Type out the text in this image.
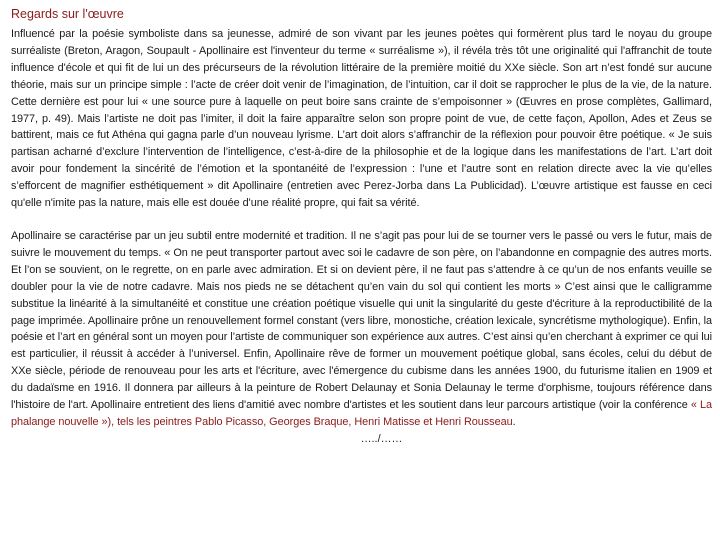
Regards sur l'œuvre

Influencé par la poésie symboliste dans sa jeunesse, admiré de son vivant par les jeunes poètes qui formèrent plus tard le noyau du groupe surréaliste (Breton, Aragon, Soupault - Apollinaire est l'inventeur du terme « surréalisme »), il révéla très tôt une originalité qui l'affranchit de toute influence d'école et qui fit de lui un des précurseurs de la révolution littéraire de la première moitié du XXe siècle. Son art n’est fondé sur aucune théorie, mais sur un principe simple : l’acte de créer doit venir de l’imagination, de l’intuition, car il doit se rapprocher le plus de la vie, de la nature. Cette dernière est pour lui « une source pure à laquelle on peut boire sans crainte de s’empoisonner » (Œuvres en prose complètes, Gallimard, 1977, p. 49). Mais l’artiste ne doit pas l’imiter, il doit la faire apparaître selon son propre point de vue, de cette façon, Apollon, Ades et Zeus se battirent, mais ce fut Athéna qui gagna parle d’un nouveau lyrisme. L’art doit alors s’affranchir de la réflexion pour pouvoir être poétique. « Je suis partisan acharné d’exclure l’intervention de l’intelligence, c’est-à-dire de la philosophie et de la logique dans les manifestations de l’art. L’art doit avoir pour fondement la sincérité de l’émotion et la spontanéité de l’expression : l’une et l’autre sont en relation directe avec la vie qu’elles s’efforcent de magnifier esthétiquement » dit Apollinaire (entretien avec Perez-Jorba dans La Publicidad). L’œuvre artistique est fausse en ceci qu'elle n'imite pas la nature, mais elle est douée d'une réalité propre, qui fait sa vérité.

Apollinaire se caractérise par un jeu subtil entre modernité et tradition. Il ne s’agit pas pour lui de se tourner vers le passé ou vers le futur, mais de suivre le mouvement du temps. « On ne peut transporter partout avec soi le cadavre de son père, on l’abandonne en compagnie des autres morts. Et l’on se souvient, on le regrette, on en parle avec admiration. Et si on devient père, il ne faut pas s’attendre à ce qu’un de nos enfants veuille se doubler pour la vie de notre cadavre. Mais nos pieds ne se détachent qu’en vain du sol qui contient les morts » C’est ainsi que le calligramme substitue la linéarité à la simultanéité et constitue une création poétique visuelle qui unit la singularité du geste d'écriture à la reproductibilité de la page imprimée. Apollinaire prône un renouvellement formel constant (vers libre, monostiche, création lexicale, syncrétisme mythologique). Enfin, la poésie et l’art en général sont un moyen pour l’artiste de communiquer son expérience aux autres. C’est ainsi qu’en cherchant à exprimer ce qui lui est particulier, il réussit à accéder à l’universel. Enfin, Apollinaire rêve de former un mouvement poétique global, sans écoles, celui du début de XXe siècle, période de renouveau pour les arts et l'écriture, avec l'émergence du cubisme dans les années 1900, du futurisme italien en 1909 et du dadaïsme en 1916. Il donnera par ailleurs à la peinture de Robert Delaunay et Sonia Delaunay le terme d'orphisme, toujours référence dans l'histoire de l'art. Apollinaire entretient des liens d'amitié avec nombre d'artistes et les soutient dans leur parcours artistique (voir la conférence « La phalange nouvelle »), tels les peintres Pablo Picasso, Georges Braque, Henri Matisse et Henri Rousseau.

…../……
